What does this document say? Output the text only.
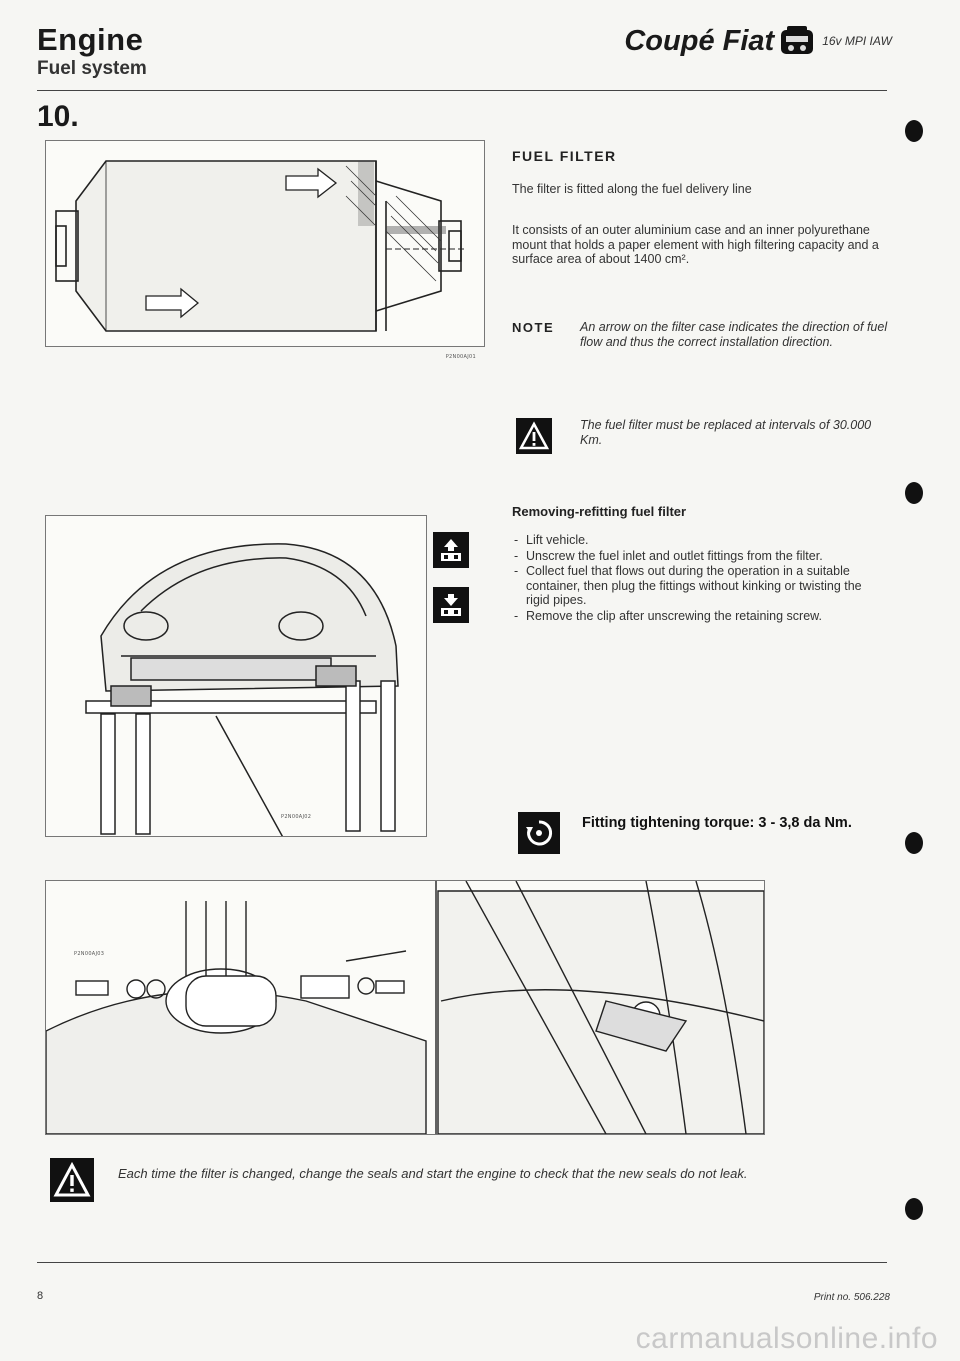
Engine
Fuel system
Coupé Fiat	16v MPI IAW
10.
P2N00AJ01
P2N00AJ02
P2N00AJ03
FUEL FILTER
The filter is fitted along the fuel delivery line
It consists of an outer aluminium case and an inner polyurethane mount that holds a paper element with high filtering capacity and a surface area of about 1400 cm².
NOTE An arrow on the filter case indicates the direction of fuel flow and thus the correct installation direction.
The fuel filter must be replaced at intervals of 30.000 Km.
Removing-refitting fuel filter
- Lift vehicle.
- Unscrew the fuel inlet and outlet fittings from the filter.
- Collect fuel that flows out during the operation in a suitable container, then plug the fittings without kinking or twisting the rigid pipes.
- Remove the clip after unscrewing the retaining screw.
Fitting tightening torque: 3 - 3,8 da Nm.
Each time the filter is changed, change the seals and start the engine to check that the new seals do not leak.
8	Print no. 506.228
carmanualsonline.info
